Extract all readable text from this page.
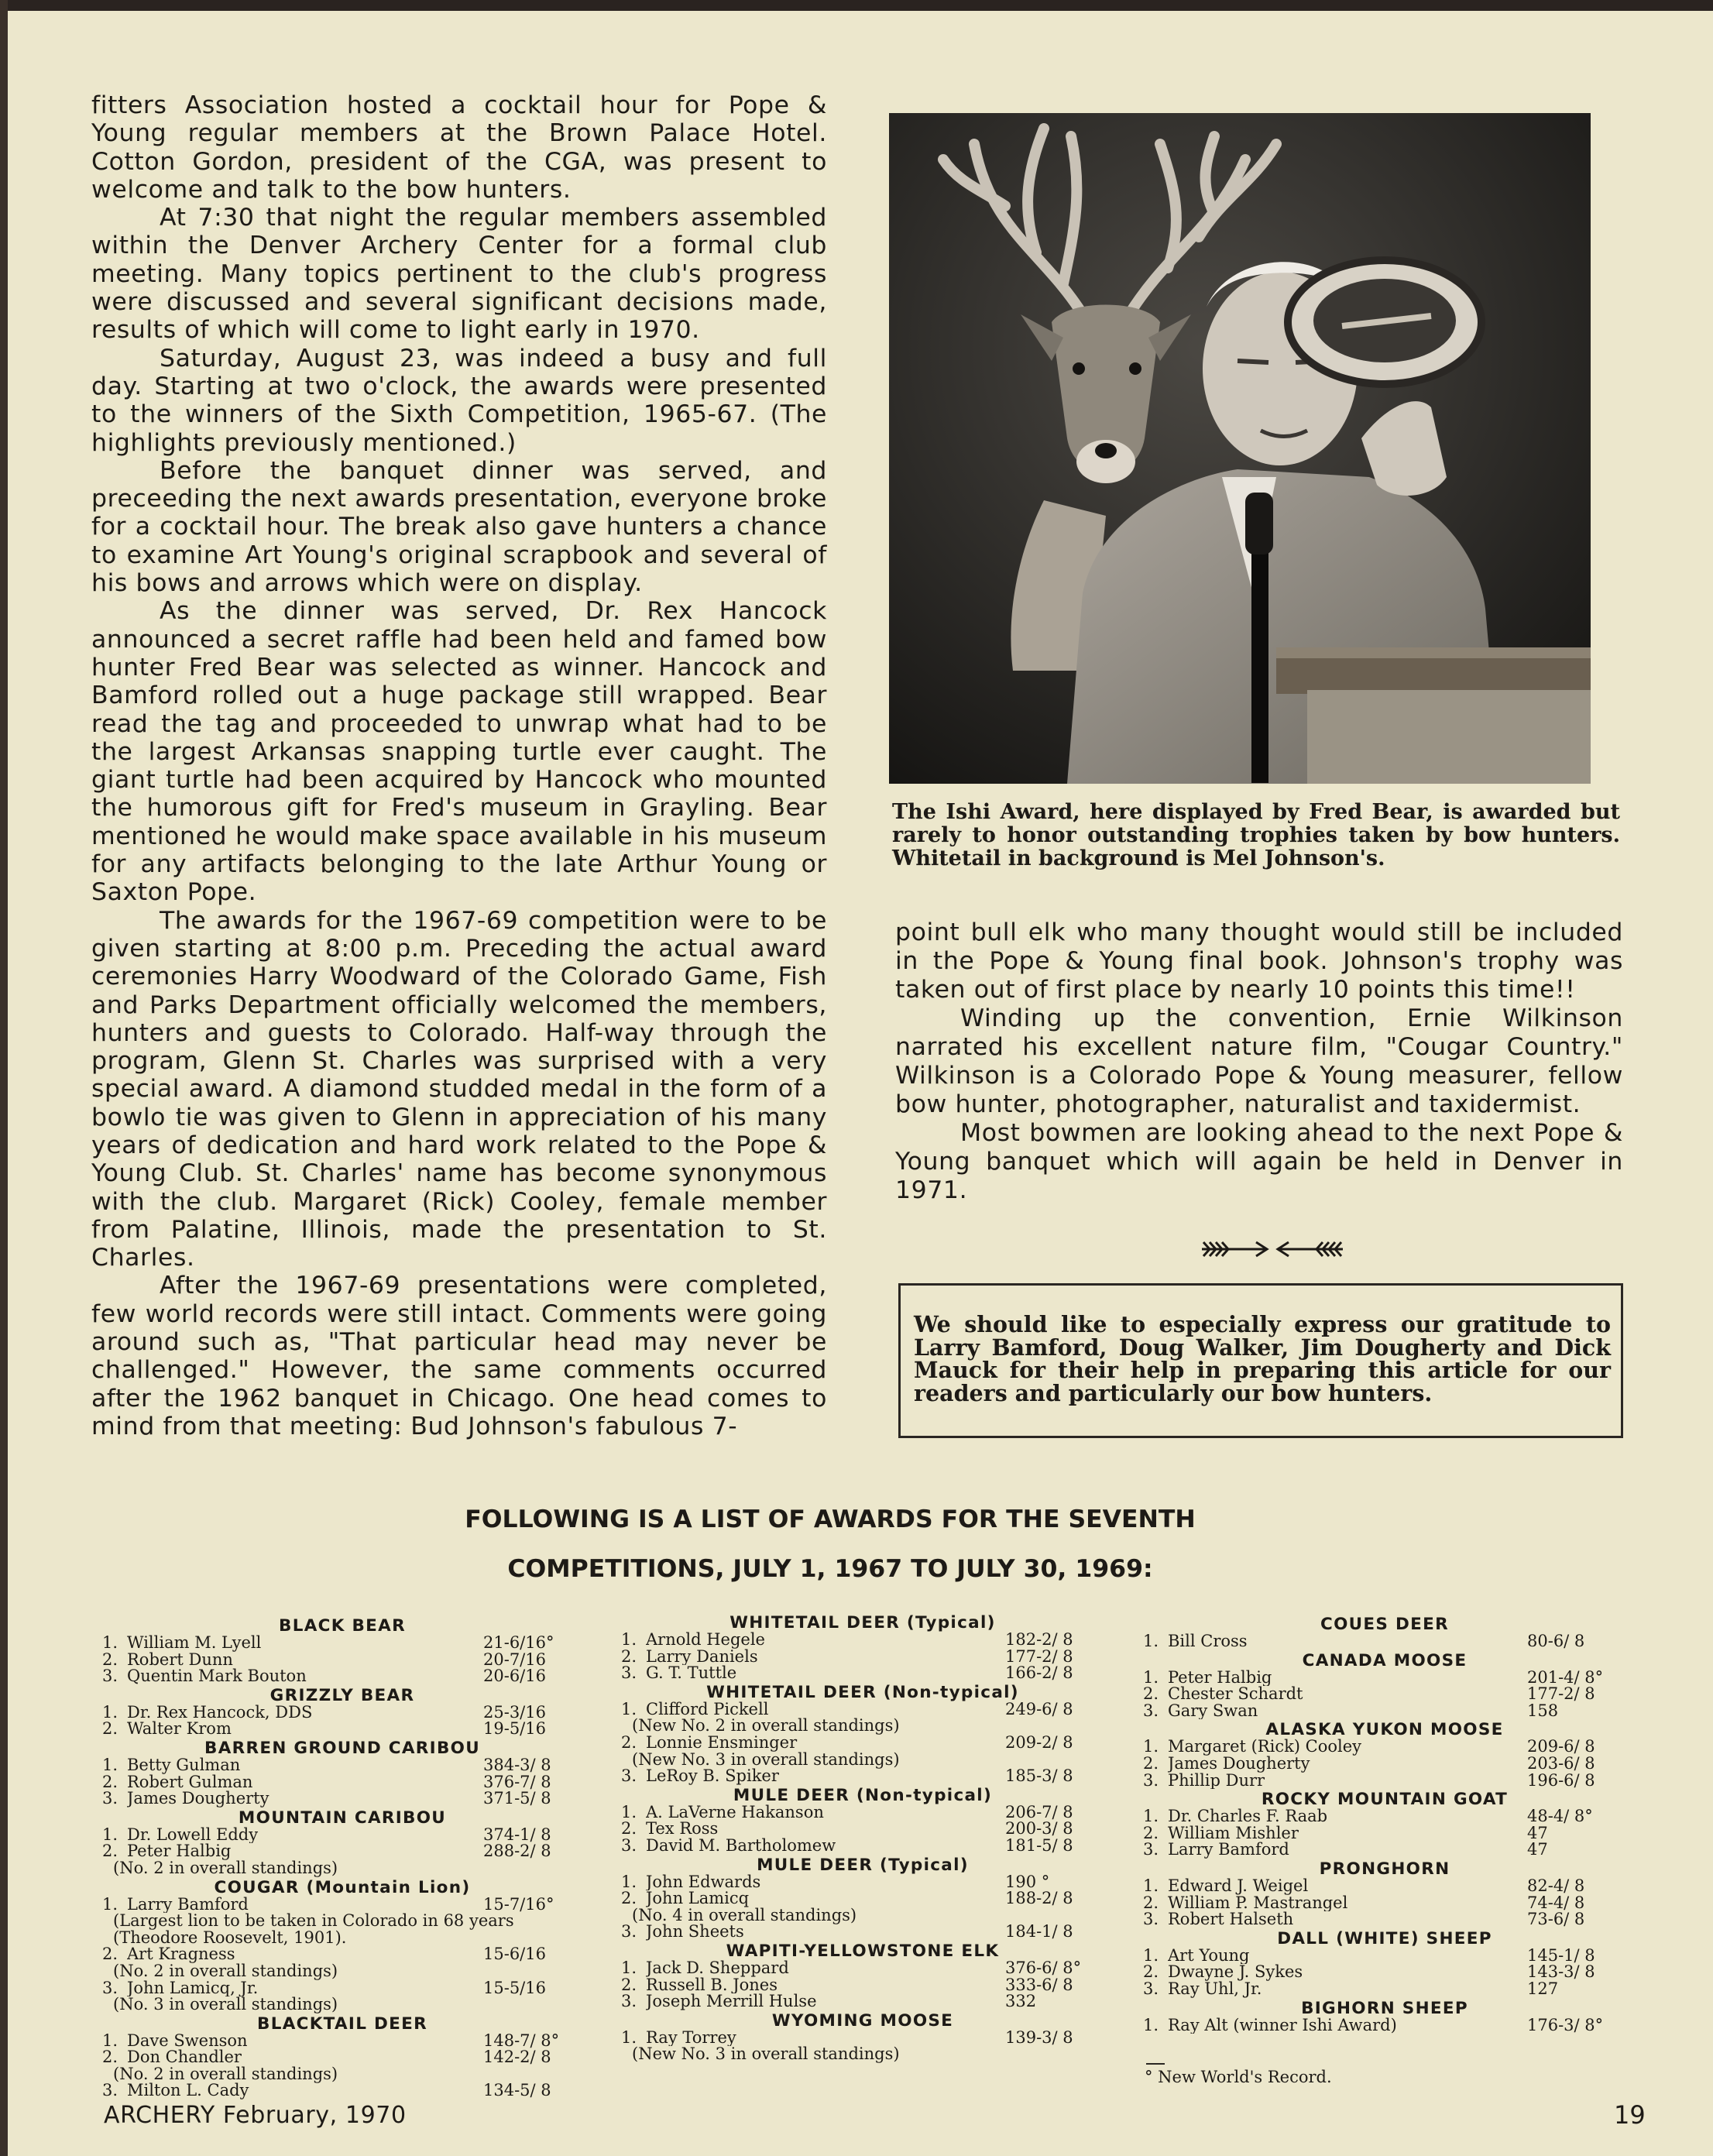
fitters Association hosted a cocktail hour for Pope & Young regular members at the Brown Palace Hotel. Cotton Gordon, president of the CGA, was present to welcome and talk to the bow hunters.

At 7:30 that night the regular members assembled within the Denver Archery Center for a formal club meeting. Many topics pertinent to the club's progress were discussed and several significant decisions made, results of which will come to light early in 1970.

Saturday, August 23, was indeed a busy and full day. Starting at two o'clock, the awards were presented to the winners of the Sixth Competition, 1965-67. (The highlights previously mentioned.)

Before the banquet dinner was served, and preceeding the next awards presentation, everyone broke for a cocktail hour. The break also gave hunters a chance to examine Art Young's original scrapbook and several of his bows and arrows which were on display.

As the dinner was served, Dr. Rex Hancock announced a secret raffle had been held and famed bow hunter Fred Bear was selected as winner. Hancock and Bamford rolled out a huge package still wrapped. Bear read the tag and proceeded to unwrap what had to be the largest Arkansas snapping turtle ever caught. The giant turtle had been acquired by Hancock who mounted the humorous gift for Fred's museum in Grayling. Bear mentioned he would make space available in his museum for any artifacts belonging to the late Arthur Young or Saxton Pope.

The awards for the 1967-69 competition were to be given starting at 8:00 p.m. Preceding the actual award ceremonies Harry Woodward of the Colorado Game, Fish and Parks Department officially welcomed the members, hunters and guests to Colorado. Half-way through the program, Glenn St. Charles was surprised with a very special award. A diamond studded medal in the form of a bowlo tie was given to Glenn in appreciation of his many years of dedication and hard work related to the Pope & Young Club. St. Charles' name has become synonymous with the club. Margaret (Rick) Cooley, female member from Palatine, Illinois, made the presentation to St. Charles.

After the 1967-69 presentations were completed, few world records were still intact. Comments were going around such as, "That particular head may never be challenged." However, the same comments occurred after the 1962 banquet in Chicago. One head comes to mind from that meeting: Bud Johnson's fabulous 7-

The Ishi Award, here displayed by Fred Bear, is awarded but rarely to honor outstanding trophies taken by bow hunters. Whitetail in background is Mel Johnson's.

point bull elk who many thought would still be included in the Pope & Young final book. Johnson's trophy was taken out of first place by nearly 10 points this time!!

Winding up the convention, Ernie Wilkinson narrated his excellent nature film, "Cougar Country." Wilkinson is a Colorado Pope & Young measurer, fellow bow hunter, photographer, naturalist and taxidermist.

Most bowmen are looking ahead to the next Pope & Young banquet which will again be held in Denver in 1971.

We should like to especially express our gratitude to Larry Bamford, Doug Walker, Jim Dougherty and Dick Mauck for their help in preparing this article for our readers and particularly our bow hunters.
FOLLOWING IS A LIST OF AWARDS FOR THE SEVENTH
COMPETITIONS, JULY 1, 1967 TO JULY 30, 1969:
BLACK BEAR
1. William M. Lyell	21-6/16°
2. Robert Dunn	20-7/16
3. Quentin Mark Bouton	20-6/16
GRIZZLY BEAR
1. Dr. Rex Hancock, DDS	25-3/16
2. Walter Krom	19-5/16
BARREN GROUND CARIBOU
1. Betty Gulman	384-3/ 8
2. Robert Gulman	376-7/ 8
3. James Dougherty	371-5/ 8
MOUNTAIN CARIBOU
1. Dr. Lowell Eddy	374-1/ 8
2. Peter Halbig	288-2/ 8
(No. 2 in overall standings)
COUGAR (Mountain Lion)
1. Larry Bamford	15-7/16°
(Largest lion to be taken in Colorado in 68 years (Theodore Roosevelt, 1901).
2. Art Kragness	15-6/16
(No. 2 in overall standings)
3. John Lamicq, Jr.	15-5/16
(No. 3 in overall standings)
BLACKTAIL DEER
1. Dave Swenson	148-7/ 8°
2. Don Chandler	142-2/ 8
(No. 2 in overall standings)
3. Milton L. Cady	134-5/ 8
WHITETAIL DEER (Typical)
1. Arnold Hegele	182-2/ 8
2. Larry Daniels	177-2/ 8
3. G. T. Tuttle	166-2/ 8
WHITETAIL DEER (Non-typical)
1. Clifford Pickell	249-6/ 8
(New No. 2 in overall standings)
2. Lonnie Ensminger	209-2/ 8
(New No. 3 in overall standings)
3. LeRoy B. Spiker	185-3/ 8
MULE DEER (Non-typical)
1. A. LaVerne Hakanson	206-7/ 8
2. Tex Ross	200-3/ 8
3. David M. Bartholomew	181-5/ 8
MULE DEER (Typical)
1. John Edwards	190 °
2. John Lamicq	188-2/ 8
(No. 4 in overall standings)
3. John Sheets	184-1/ 8
WAPITI-YELLOWSTONE ELK
1. Jack D. Sheppard	376-6/ 8°
2. Russell B. Jones	333-6/ 8
3. Joseph Merrill Hulse	332
WYOMING MOOSE
1. Ray Torrey	139-3/ 8
(New No. 3 in overall standings)
COUES DEER
1. Bill Cross	80-6/ 8
CANADA MOOSE
1. Peter Halbig	201-4/ 8°
2. Chester Schardt	177-2/ 8
3. Gary Swan	158
ALASKA YUKON MOOSE
1. Margaret (Rick) Cooley	209-6/ 8
2. James Dougherty	203-6/ 8
3. Phillip Durr	196-6/ 8
ROCKY MOUNTAIN GOAT
1. Dr. Charles F. Raab	48-4/ 8°
2. William Mishler	47
3. Larry Bamford	47
PRONGHORN
1. Edward J. Weigel	82-4/ 8
2. William P. Mastrangel	74-4/ 8
3. Robert Halseth	73-6/ 8
DALL (WHITE) SHEEP
1. Art Young	145-1/ 8
2. Dwayne J. Sykes	143-3/ 8
3. Ray Uhl, Jr.	127
BIGHORN SHEEP
1. Ray Alt (winner Ishi Award)	176-3/ 8°
° New World's Record.
ARCHERY February, 1970	19
